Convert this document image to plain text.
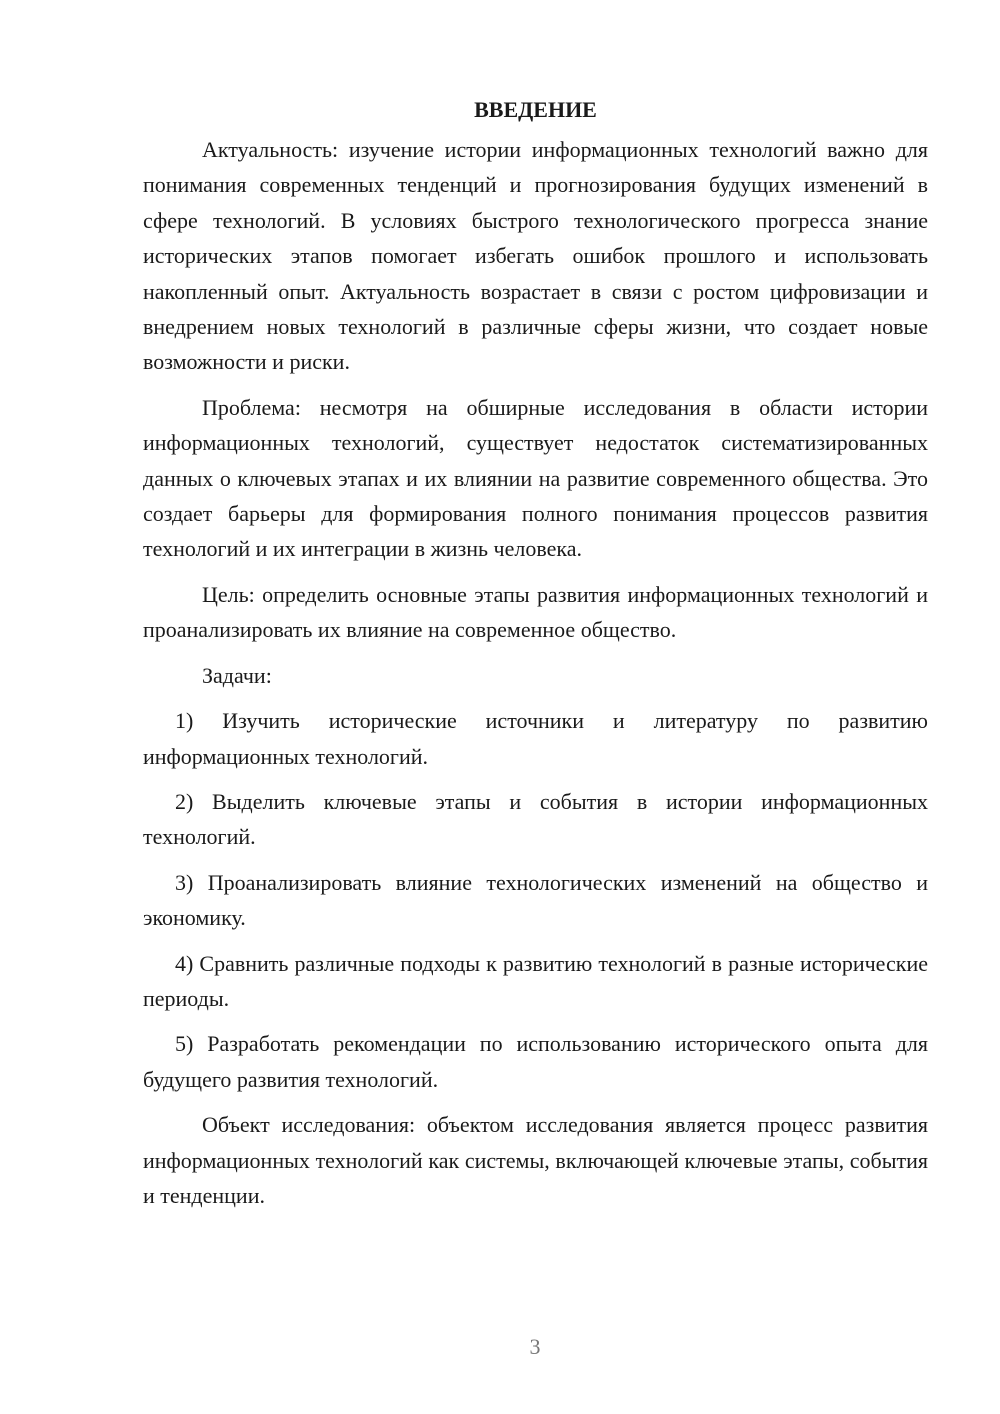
ВВЕДЕНИЕ

Актуальность: изучение истории информационных технологий важно для понимания современных тенденций и прогнозирования будущих изменений в сфере технологий. В условиях быстрого технологического прогресса знание исторических этапов помогает избегать ошибок прошлого и использовать накопленный опыт. Актуальность возрастает в связи с ростом цифровизации и внедрением новых технологий в различные сферы жизни, что создает новые возможности и риски.

Проблема: несмотря на обширные исследования в области истории информационных технологий, существует недостаток систематизированных данных о ключевых этапах и их влиянии на развитие современного общества. Это создает барьеры для формирования полного понимания процессов развития технологий и их интеграции в жизнь человека.

Цель: определить основные этапы развития информационных технологий и проанализировать их влияние на современное общество.

Задачи:

1) Изучить исторические источники и литературу по развитию информационных технологий.

2) Выделить ключевые этапы и события в истории информационных технологий.

3) Проанализировать влияние технологических изменений на общество и экономику.

4) Сравнить различные подходы к развитию технологий в разные исторические периоды.

5) Разработать рекомендации по использованию исторического опыта для будущего развития технологий.

Объект исследования: объектом исследования является процесс развития информационных технологий как системы, включающей ключевые этапы, события и тенденции.

3
